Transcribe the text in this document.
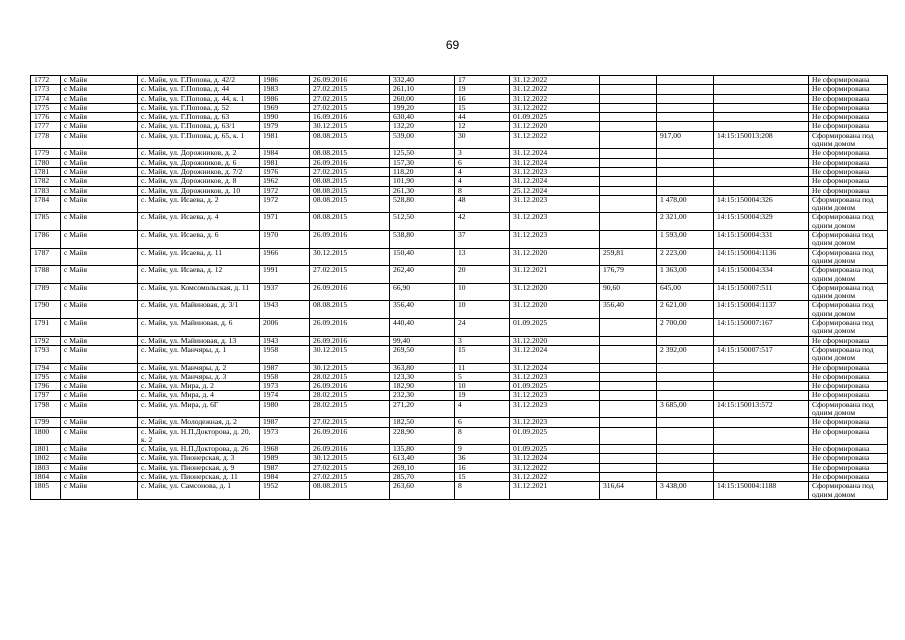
69
1772	с Майя	с. Майя, ул. Г.Попова, д. 42/2	1986	26.09.2016	332,40	17	31.12.2022				Не сформирована
1773	с Майя	с. Майя, ул. Г.Попова, д. 44	1983	27.02.2015	261,10	19	31.12.2022				Не сформирована
1774	с Майя	с. Майя, ул. Г.Попова, д. 44, к. 1	1986	27.02.2015	260,00	16	31.12.2022				Не сформирована
1775	с Майя	с. Майя, ул. Г.Попова, д. 52	1969	27.02.2015	199,20	15	31.12.2022				Не сформирована
1776	с Майя	с. Майя, ул. Г.Попова, д. 63	1990	16.09.2016	630,40	44	01.09.2025				Не сформирована
1777	с Майя	с. Майя, ул. Г.Попова, д. 63/1	1979	30.12.2015	132,20	12	31.12.2020				Не сформирована
1778	с Майя	с. Майя, ул. Г.Попова, д. 65, к. 1	1981	08.08.2015	539,00	30	31.12.2022		917,00	14:15:150013:208	Сформирована под одним домом
1779	с Майя	с. Майя, ул. Дорожников, д. 2	1984	08.08.2015	125,50	3	31.12.2024				Не сформирована
1780	с Майя	с. Майя, ул. Дорожников, д. 6	1981	26.09.2016	157,30	6	31.12.2024				Не сформирована
1781	с Майя	с. Майя, ул. Дорожников, д. 7/2	1976	27.02.2015	118,20	4	31.12.2023				Не сформирована
1782	с Майя	с. Майя, ул. Дорожников, д. 8	1962	08.08.2015	101,90	4	31.12.2024				Не сформирована
1783	с Майя	с. Майя, ул. Дорожников, д. 10	1972	08.08.2015	261,30	8	25.12.2024				Не сформирована
1784	с Майя	с. Майя, ул. Исаева, д. 2	1972	08.08.2015	528,80	48	31.12.2023		1 478,00	14:15:150004:326	Сформирована под одним домом
1785	с Майя	с. Майя, ул. Исаева, д. 4	1971	08.08.2015	512,50	42	31.12.2023		2 321,00	14:15:150004:329	Сформирована под одним домом
1786	с Майя	с. Майя, ул. Исаева, д. 6	1970	26.09.2016	538,80	37	31.12.2023		1 593,00	14:15:150004:331	Сформирована под одним домом
1787	с Майя	с. Майя, ул. Исаева, д. 11	1966	30.12.2015	150,40	13	31.12.2020	259,81	2 223,00	14:15:150004:1136	Сформирована под одним домом
1788	с Майя	с. Майя, ул. Исаева, д. 12	1991	27.02.2015	262,40	20	31.12.2021	176,79	1 363,00	14:15:150004:334	Сформирована под одним домом
1789	с Майя	с. Майя, ул. Комсомольская, д. 11	1937	26.09.2016	66,90	10	31.12.2020	90,60	645,00	14:15:150007:511	Сформирована под одним домом
1790	с Майя	с. Майя, ул. Майиновая, д. 3/1	1943	08.08.2015	356,40	10	31.12.2020	356,40	2 621,00	14:15:150004:1137	Сформирована под одним домом
1791	с Майя	с. Майя, ул. Майиновая, д. 6	2006	26.09.2016	440,40	24	01.09.2025		2 700,00	14:15:150007:167	Сформирована под одним домом
1792	с Майя	с. Майя, ул. Майиновая, д. 13	1943	26.09.2016	99,40	3	31.12.2020				Не сформирована
1793	с Майя	с. Майя, ул. Манчяры, д. 1	1958	30.12.2015	269,50	15	31.12.2024		2 392,00	14:15:150007:517	Сформирована под одним домом
1794	с Майя	с. Майя, ул. Манчяры, д. 2	1987	30.12.2015	363,80	11	31.12.2024				Не сформирована
1795	с Майя	с. Майя, ул. Манчяры, д. 3	1958	28.02.2015	123,30	5	31.12.2023				Не сформирована
1796	с Майя	с. Майя, ул. Мира, д. 2	1973	26.09.2016	182,90	10	01.09.2025				Не сформирована
1797	с Майя	с. Майя, ул. Мира, д. 4	1974	28.02.2015	232,30	19	31.12.2023				Не сформирована
1798	с Майя	с. Майя, ул. Мира, д. 6Г	1980	28.02.2015	271,20	4	31.12.2023		3 685,00	14:15:150013:572	Сформирована под одним домом
1799	с Майя	с. Майя, ул. Молодежная, д. 2	1987	27.02.2015	182,50	6	31.12.2023				Не сформирована
1800	с Майя	с. Майя, ул. Н.П.Докторова, д. 20, к. 2	1973	26.09.2016	228,90	8	01.09.2025				Не сформирована
1801	с Майя	с. Майя, ул. Н.П.Докторова, д. 26	1968	26.09.2016	135,80	9	01.09.2025				Не сформирована
1802	с Майя	с. Майя, ул. Пионерская, д. 3	1989	30.12.2015	613,40	36	31.12.2024				Не сформирована
1803	с Майя	с. Майя, ул. Пионерская, д. 9	1987	27.02.2015	269,10	16	31.12.2022				Не сформирована
1804	с Майя	с. Майя, ул. Пионерская, д. 11	1984	27.02.2015	285,70	15	31.12.2022				Не сформирована
1805	с Майя	с. Майя, ул. Самсонова, д. 1	1952	08.08.2015	263,60	8	31.12.2021	316,64	3 438,00	14:15:150004:1188	Сформирована под одним домом
